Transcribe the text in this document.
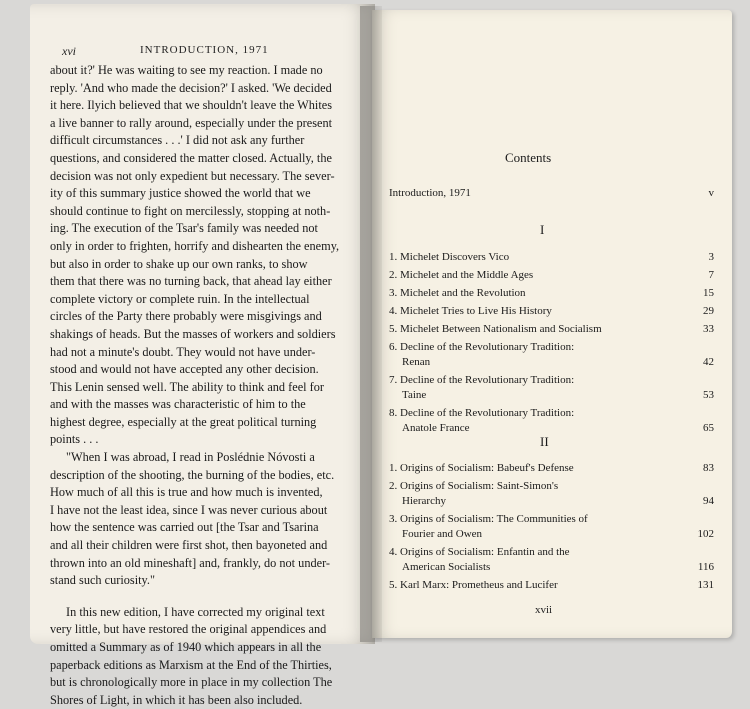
xvi	INTRODUCTION, 1971
about it?' He was waiting to see my reaction. I made no
reply. 'And who made the decision?' I asked. 'We decided
it here. Ilyich believed that we shouldn't leave the Whites
a live banner to rally around, especially under the present
difficult circumstances . . .' I did not ask any further
questions, and considered the matter closed. Actually, the
decision was not only expedient but necessary. The sever-
ity of this summary justice showed the world that we
should continue to fight on mercilessly, stopping at noth-
ing. The execution of the Tsar's family was needed not
only in order to frighten, horrify and dishearten the enemy,
but also in order to shake up our own ranks, to show
them that there was no turning back, that ahead lay either
complete victory or complete ruin. In the intellectual
circles of the Party there probably were misgivings and
shakings of heads. But the masses of workers and soldiers
had not a minute's doubt. They would not have under-
stood and would not have accepted any other decision.
This Lenin sensed well. The ability to think and feel for
and with the masses was characteristic of him to the
highest degree, especially at the great political turning
points . . .
"When I was abroad, I read in Poslédnie Nóvosti a
description of the shooting, the burning of the bodies, etc.
How much of all this is true and how much is invented,
I have not the least idea, since I was never curious about
how the sentence was carried out [the Tsar and Tsarina
and all their children were first shot, then bayoneted and
thrown into an old mineshaft] and, frankly, do not under-
stand such curiosity."
In this new edition, I have corrected my original text
very little, but have restored the original appendices and
omitted a Summary as of 1940 which appears in all the
paperback editions as Marxism at the End of the Thirties,
but is chronologically more in place in my collection The
Shores of Light, in which it has been also included.
Contents
Introduction, 1971	v
I
1. Michelet Discovers Vico	3
2. Michelet and the Middle Ages	7
3. Michelet and the Revolution	15
4. Michelet Tries to Live His History	29
5. Michelet Between Nationalism and Socialism	33
6. Decline of the Revolutionary Tradition:
Renan	42
7. Decline of the Revolutionary Tradition:
Taine	53
8. Decline of the Revolutionary Tradition:
Anatole France	65
II
1. Origins of Socialism: Babeuf's Defense	83
2. Origins of Socialism: Saint-Simon's
Hierarchy	94
3. Origins of Socialism: The Communities of
Fourier and Owen	102
4. Origins of Socialism: Enfantin and the
American Socialists	116
5. Karl Marx: Prometheus and Lucifer	131
xvii
